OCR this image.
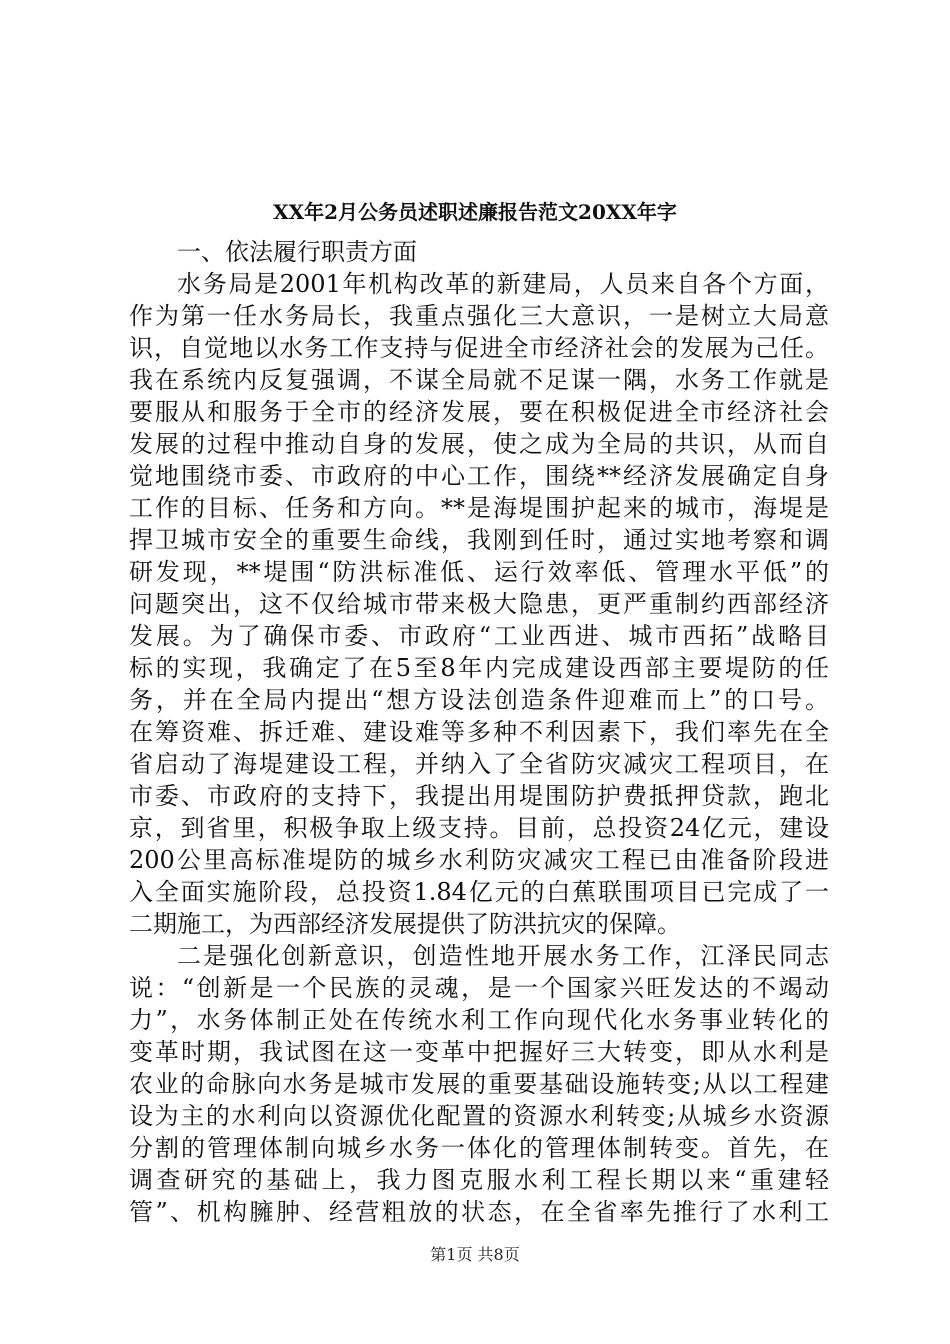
XX年2月公务员述职述廉报告范文20XX年字
一、依法履行职责方面
水务局是2001年机构改革的新建局，人员来自各个方面，
作为第一任水务局长，我重点强化三大意识，一是树立大局意
识，自觉地以水务工作支持与促进全市经济社会的发展为己任。
我在系统内反复强调，不谋全局就不足谋一隅，水务工作就是
要服从和服务于全市的经济发展，要在积极促进全市经济社会
发展的过程中推动自身的发展，使之成为全局的共识，从而自
觉地围绕市委、市政府的中心工作，围绕**经济发展确定自身
工作的目标、任务和方向。**是海堤围护起来的城市，海堤是
捍卫城市安全的重要生命线，我刚到任时，通过实地考察和调
研发现，**堤围“防洪标准低、运行效率低、管理水平低”的
问题突出，这不仅给城市带来极大隐患，更严重制约西部经济
发展。为了确保市委、市政府“工业西进、城市西拓”战略目
标的实现，我确定了在5至8年内完成建设西部主要堤防的任
务，并在全局内提出“想方设法创造条件迎难而上”的口号。
在筹资难、拆迁难、建设难等多种不利因素下，我们率先在全
省启动了海堤建设工程，并纳入了全省防灾减灾工程项目，在
市委、市政府的支持下，我提出用堤围防护费抵押贷款，跑北
京，到省里，积极争取上级支持。目前，总投资24亿元，建设
200公里高标准堤防的城乡水利防灾减灾工程已由准备阶段进
入全面实施阶段，总投资1.84亿元的白蕉联围项目已完成了一
二期施工，为西部经济发展提供了防洪抗灾的保障。
二是强化创新意识，创造性地开展水务工作，江泽民同志
说：“创新是一个民族的灵魂，是一个国家兴旺发达的不竭动
力”，水务体制正处在传统水利工作向现代化水务事业转化的
变革时期，我试图在这一变革中把握好三大转变，即从水利是
农业的命脉向水务是城市发展的重要基础设施转变;从以工程建
设为主的水利向以资源优化配置的资源水利转变;从城乡水资源
分割的管理体制向城乡水务一体化的管理体制转变。首先，在
调查研究的基础上，我力图克服水利工程长期以来“重建轻
管”、机构臃肿、经营粗放的状态，在全省率先推行了水利工
第1页 共8页
